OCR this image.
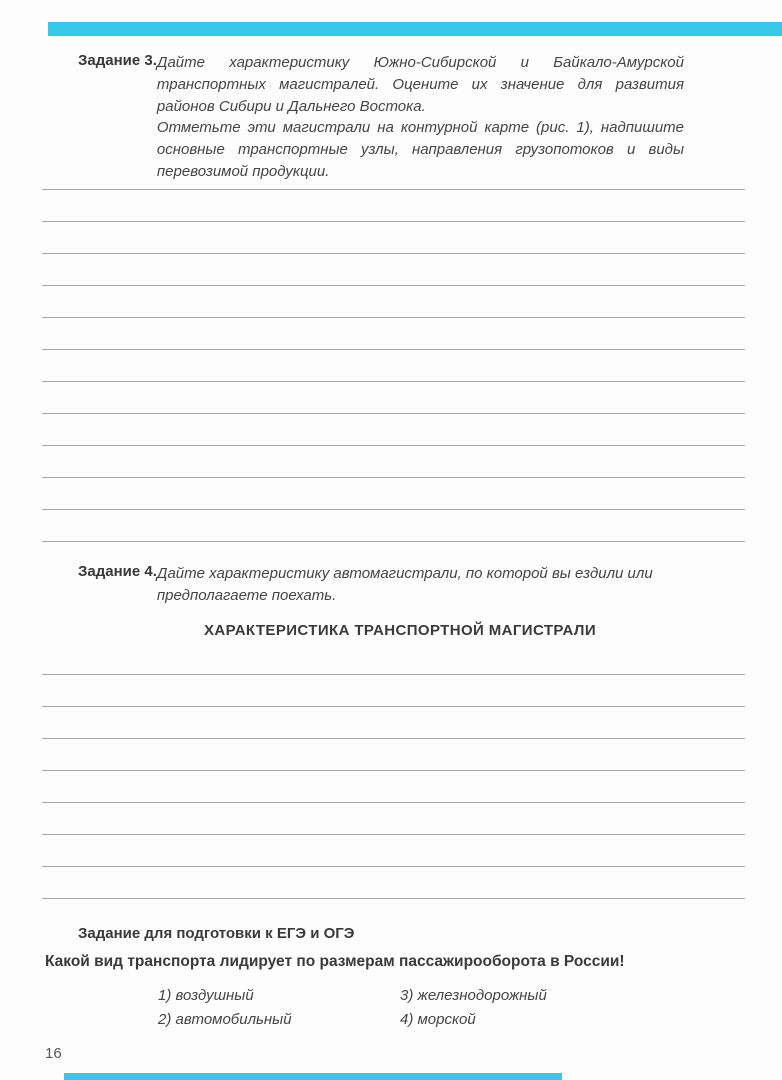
Задание 3. Дайте характеристику Южно-Сибирской и Байкало-Амурской транспортных магистралей. Оцените их значение для развития районов Сибири и Дальнего Востока.

Отметьте эти магистрали на контурной карте (рис. 1), надпишите основные транспортные узлы, направления грузопотоков и виды перевозимой продукции.

Задание 4. Дайте характеристику автомагистрали, по которой вы ездили или предполагаете поехать.

ХАРАКТЕРИСТИКА ТРАНСПОРТНОЙ МАГИСТРАЛИ
Задание для подготовки к ЕГЭ и ОГЭ
Какой вид транспорта лидирует по размерам пассажирооборота в России!
1) воздушный
2) автомобильный
3) железнодорожный
4) морской
16
